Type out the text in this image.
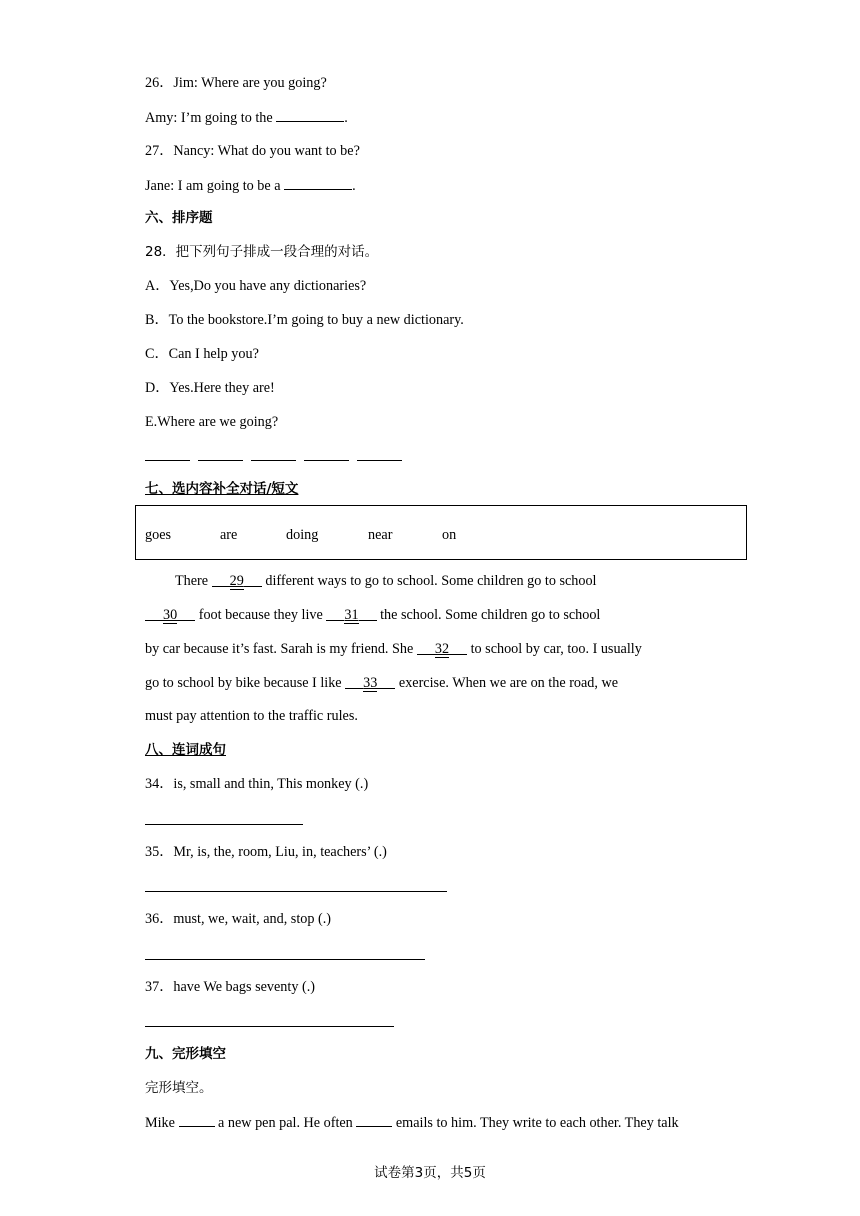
26．Jim: Where are you going?
Amy: I’m going to the	.
27．Nancy: What do you want to be?
Jane: I am going to be a	.
六、排序题
28．把下列句子排成一段合理的对话。
A．Yes,Do you have any dictionaries?
B．To the bookstore.I’m going to buy a new dictionary.
C．Can I help you?
D．Yes.Here they are!
E.Where are we going?
七、选内容补全对话/短文
goes	are	doing	near	on
There 29 different ways to go to school. Some children go to school
30 foot because they live 31 the school. Some children go to school
by car because it’s fast. Sarah is my friend. She 32 to school by car, too. I usually
go to school by bike because I like 33 exercise. When we are on the road, we
must pay attention to the traffic rules.
八、连词成句
34．is, small and thin, This monkey (.)
35．Mr, is, the, room, Liu, in, teachers’ (.)
36．must, we, wait, and, stop (.)
37．have We bags seventy (.)
九、完形填空
完形填空。
Mike	a new pen pal. He often	emails to him. They write to each other. They talk
试卷第3页，共5页
